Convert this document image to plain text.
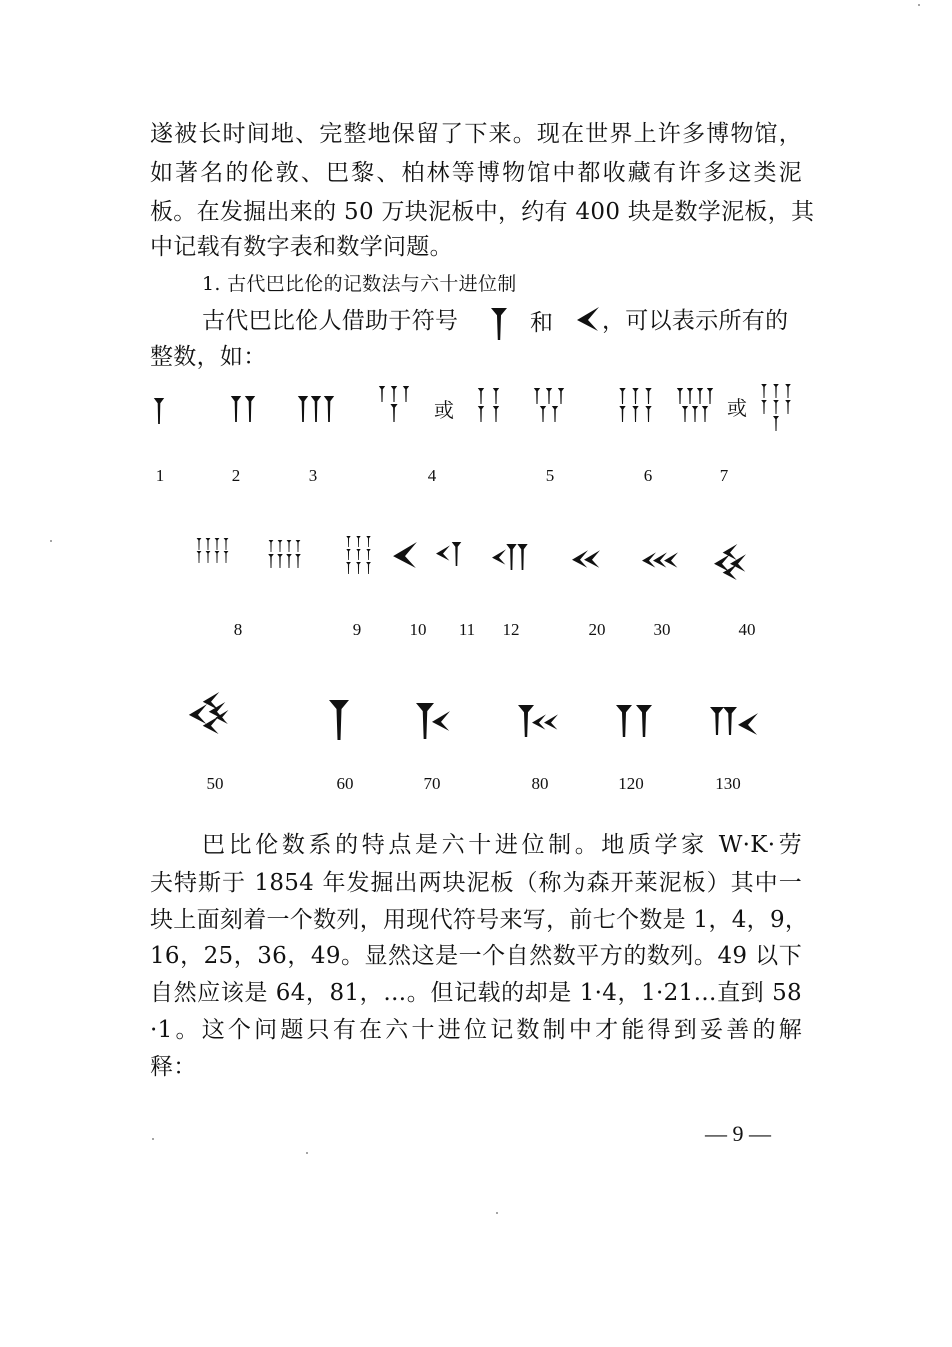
遂被长时间地、完整地保留了下来。现在世界上许多博物馆，
如著名的伦敦、巴黎、柏林等博物馆中都收藏有许多这类泥
板。在发掘出来的 50 万块泥板中，约有 400 块是数学泥板，其
中记载有数字表和数学问题。
1. 古代巴比伦的记数法与六十进位制
古代巴比伦人借助于符号	和 ，可以表示所有的
整数，如：
或	或
1	2	3	4	5	6	7
8	9	10 11 12	20	30	40
50	60	70	80	120	130
巴比伦数系的特点是六十进位制。地质学家 W·K·劳
夫特斯于 1854 年发掘出两块泥板（称为森开莱泥板）其中一
块上面刻着一个数列，用现代符号来写，前七个数是 1，4，9，
16，25，36，49。显然这是一个自然数平方的数列。49 以下
自然应该是 64，81，…。但记载的却是 1·4，1·21…直到 58
·1。这个问题只有在六十进位记数制中才能得到妥善的解
释：
— 9 —
